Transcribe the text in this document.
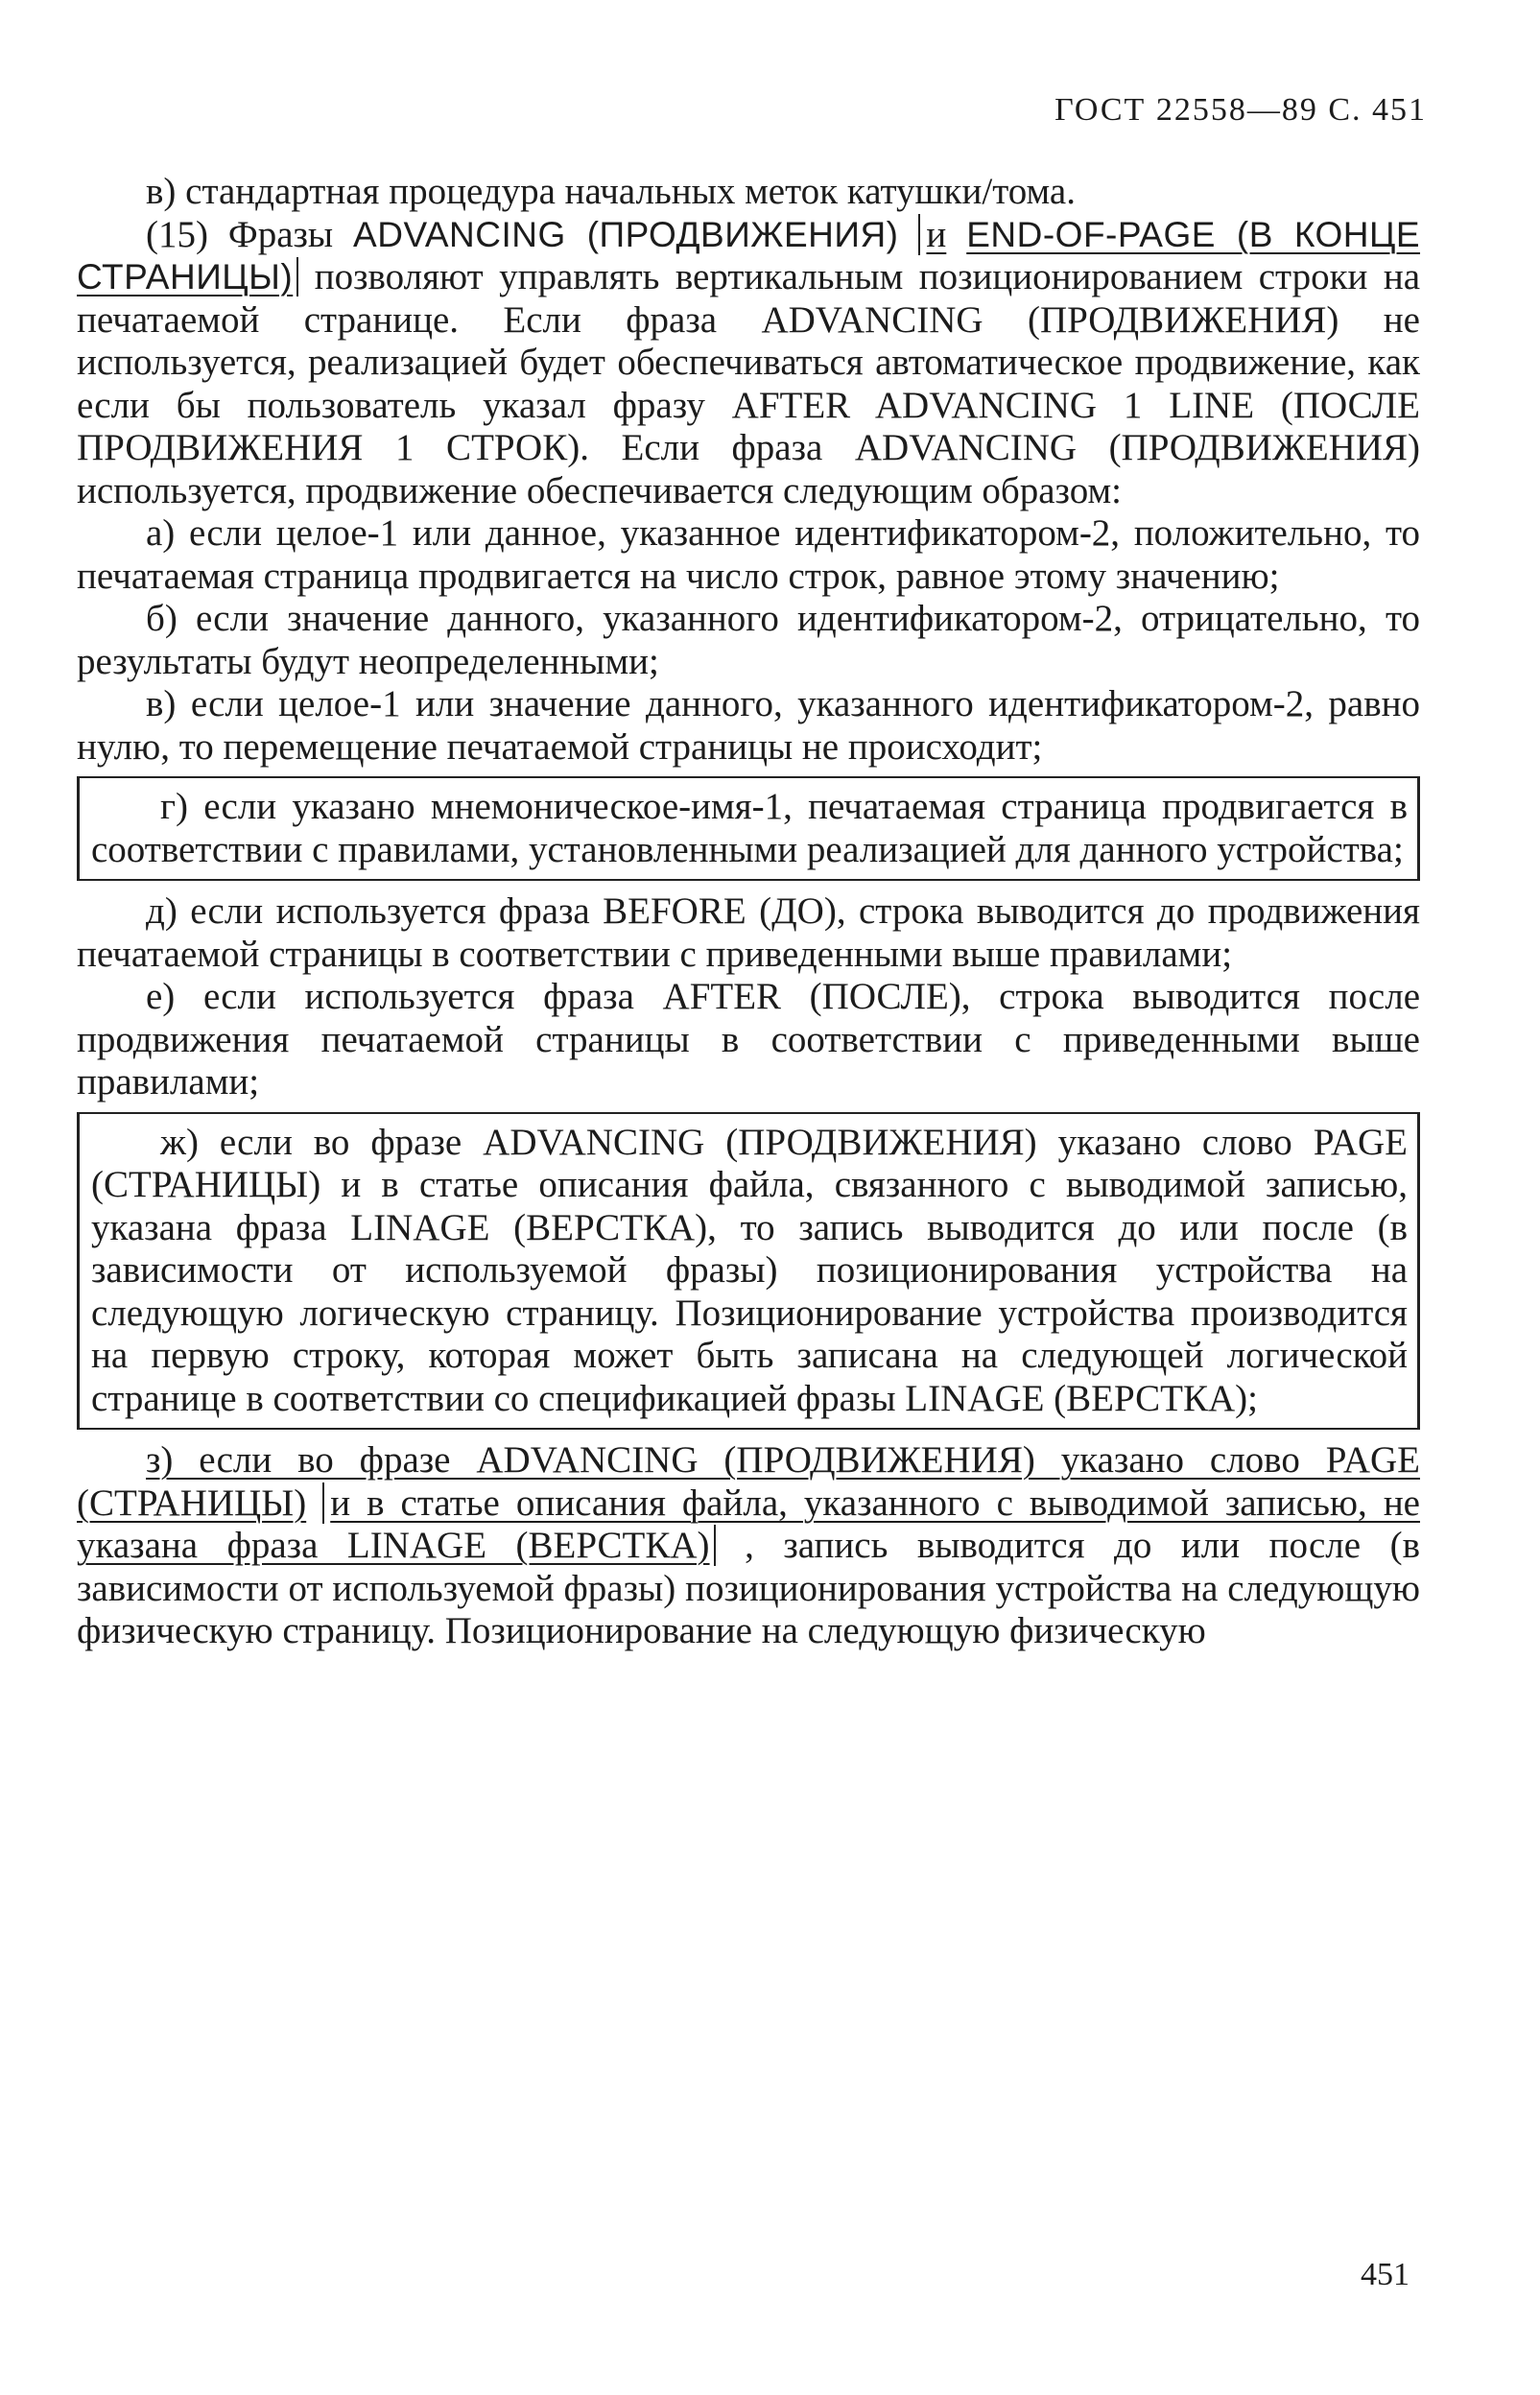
ГОСТ 22558—89 С. 451

в) стандартная процедура начальных меток катушки/тома.

(15) Фразы ADVANCING (ПРОДВИЖЕНИЯ) и END-OF-PAGE (В КОНЦЕ СТРАНИЦЫ) позволяют управлять вертикальным позиционированием строки на печатаемой странице. Если фраза ADVANCING (ПРОДВИЖЕНИЯ) не используется, реализацией будет обеспечиваться автоматическое продвижение, как если бы пользователь указал фразу AFTER ADVANCING 1 LINE (ПОСЛЕ ПРОДВИЖЕНИЯ 1 СТРОК). Если фраза ADVANCING (ПРОДВИЖЕНИЯ) используется, продвижение обеспечивается следующим образом:

а) если целое-1 или данное, указанное идентификатором-2, положительно, то печатаемая страница продвигается на число строк, равное этому значению;

б) если значение данного, указанного идентификатором-2, отрицательно, то результаты будут неопределенными;

в) если целое-1 или значение данного, указанного идентификатором-2, равно нулю, то перемещение печатаемой страницы не происходит;

г) если указано мнемоническое-имя-1, печатаемая страница продвигается в соответствии с правилами, установленными реализацией для данного устройства;

д) если используется фраза BEFORE (ДО), строка выводится до продвижения печатаемой страницы в соответствии с приведенными выше правилами;

е) если используется фраза AFTER (ПОСЛЕ), строка выводится после продвижения печатаемой страницы в соответствии с приведенными выше правилами;

ж) если во фразе ADVANCING (ПРОДВИЖЕНИЯ) указано слово PAGE (СТРАНИЦЫ) и в статье описания файла, связанного с выводимой записью, указана фраза LINAGE (ВЕРСТКА), то запись выводится до или после (в зависимости от используемой фразы) позиционирования устройства на следующую логическую страницу. Позиционирование устройства производится на первую строку, которая может быть записана на следующей логической странице в соответствии со спецификацией фразы LINAGE (ВЕРСТКА);

з) если во фразе ADVANCING (ПРОДВИЖЕНИЯ) указано слово PAGE (СТРАНИЦЫ) и в статье описания файла, указанного с выводимой записью, не указана фраза LINAGE (ВЕРСТКА) , запись выводится до или после (в зависимости от используемой фразы) позиционирования устройства на следующую физическую страницу. Позиционирование на следующую физическую

451
